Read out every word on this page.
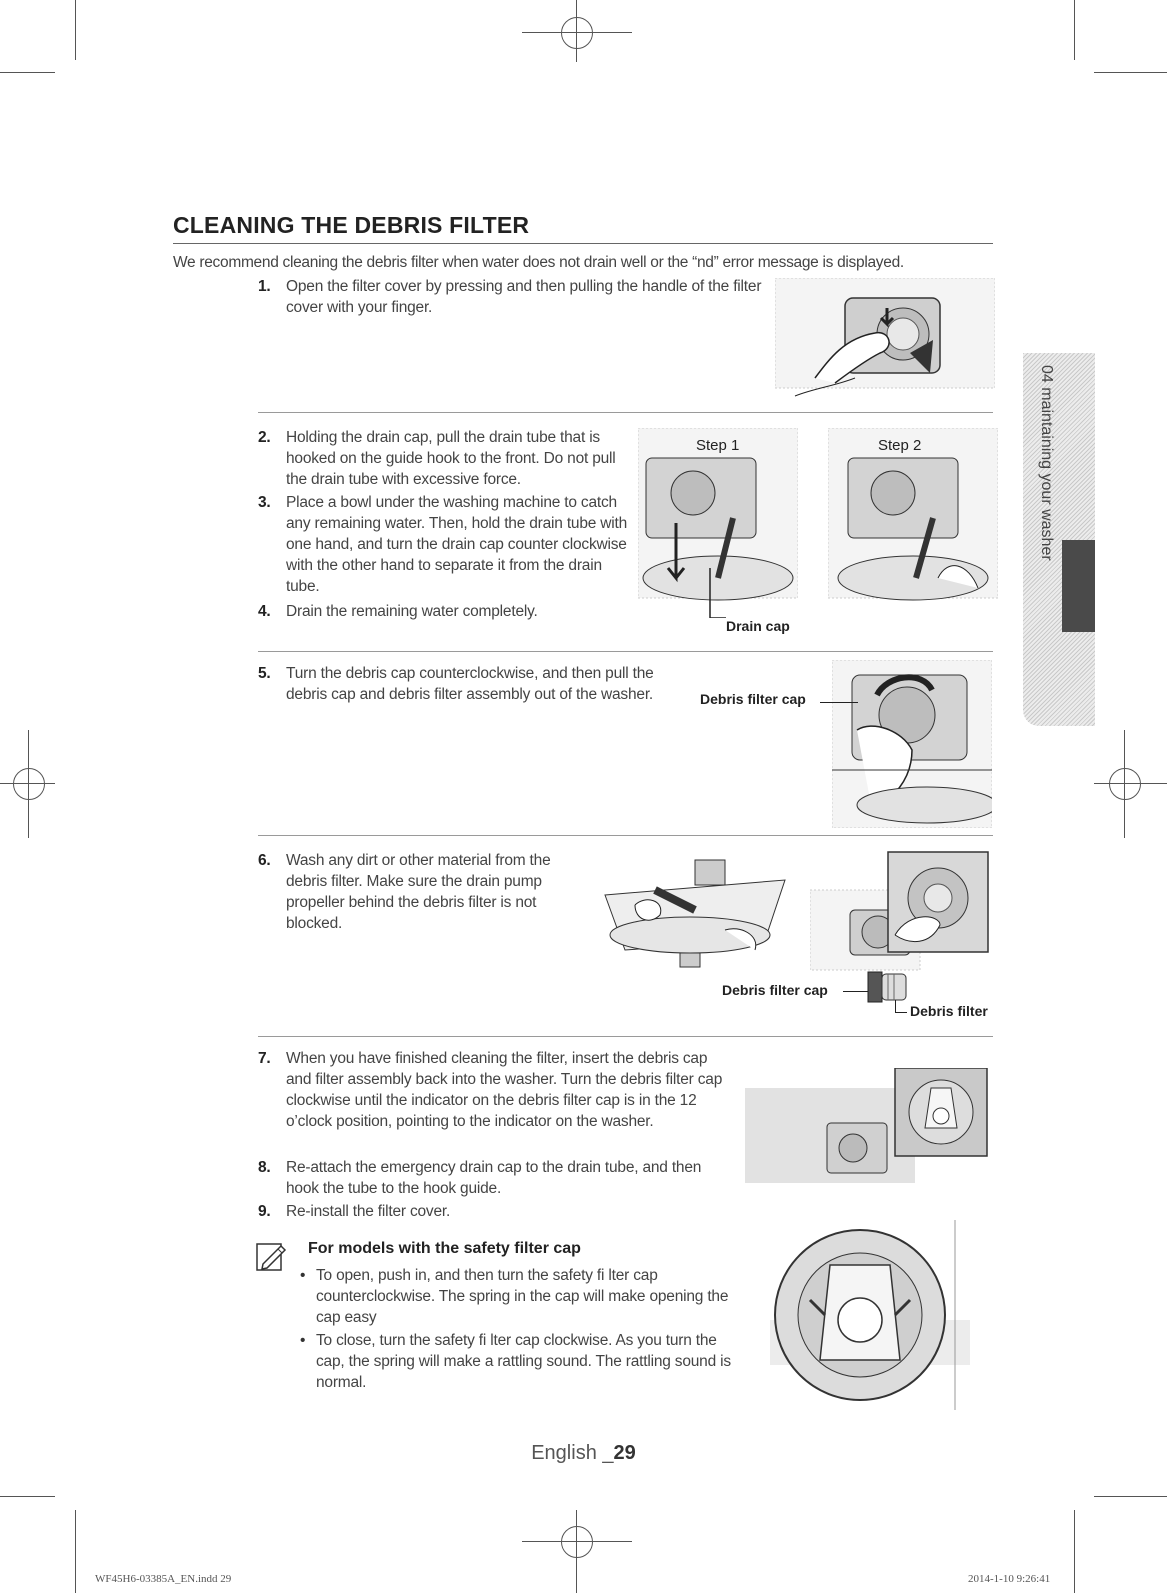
04 maintaining your washer
CLEANING THE DEBRIS FILTER
We recommend cleaning the debris filter when water does not drain well or the “nd” error message is displayed.
1. Open the filter cover by pressing and then pulling the handle of the filter cover with your finger.
2. Holding the drain cap, pull the drain tube that is hooked on the guide hook to the front. Do not pull the drain tube with excessive force.
3. Place a bowl under the washing machine to catch any remaining water. Then, hold the drain tube with one hand, and turn the drain cap counter clockwise with the other hand to separate it from the drain tube.
4. Drain the remaining water completely.
Step 1
Drain cap
Step 2
5. Turn the debris cap counterclockwise, and then pull the debris cap and debris filter assembly out of the washer.	Debris filter cap
6. Wash any dirt or other material from the debris filter. Make sure the drain pump propeller behind the debris filter is not blocked.
Debris filter cap
Debris filter
7. When you have finished cleaning the filter, insert the debris cap and filter assembly back into the washer. Turn the debris filter cap clockwise until the indicator on the debris filter cap is in the 12 o’clock position, pointing to the indicator on the washer.
8. Re-attach the emergency drain cap to the drain tube, and then hook the tube to the hook guide.
9. Re-install the filter cover.
For models with the safety filter cap
• To open, push in, and then turn the safety fi lter cap counterclockwise. The spring in the cap will make opening the cap easy
• To close, turn the safety fi lter cap clockwise. As you turn the cap, the spring will make a rattling sound. The rattling sound is normal.
English _29
WF45H6-03385A_EN.indd 29	2014-1-10 9:26:41
